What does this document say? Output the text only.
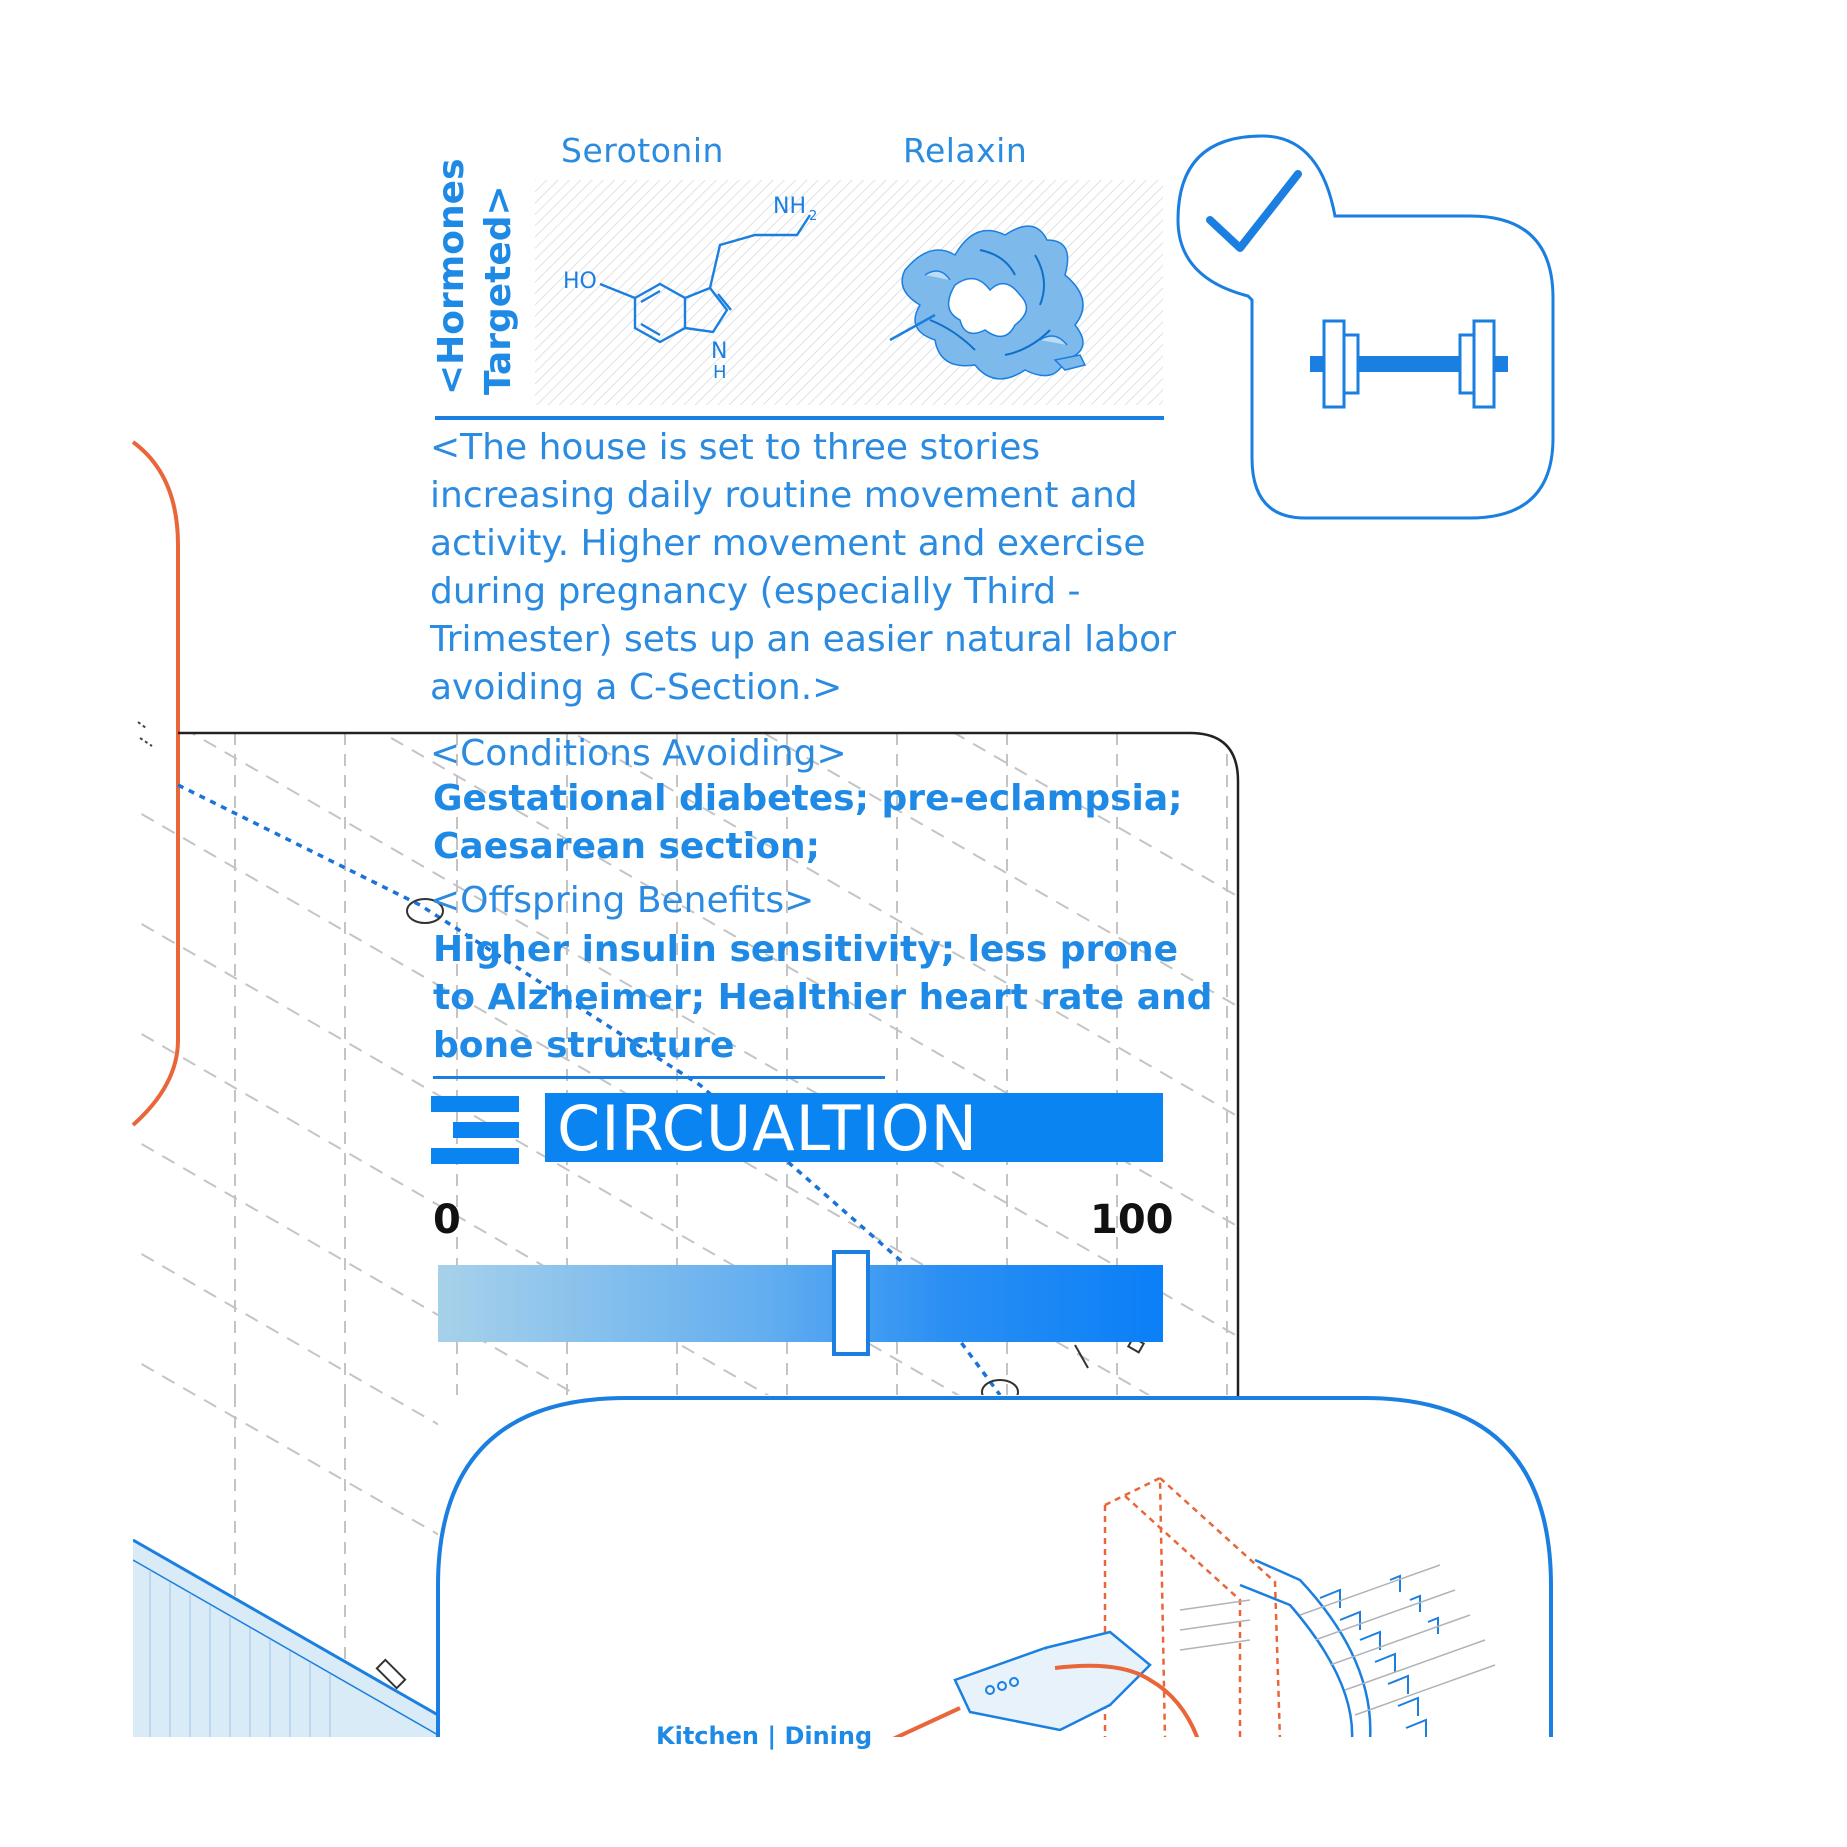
Serotonin	Relaxin
<Hormones Targeted> HO
NH 2
N
H
<The house is set to three stories increasing daily routine movement and activity. Higher movement and exercise during pregnancy (especially Third - Trimester) sets up an easier natural labor avoiding a C-Section.>
<Conditions Avoiding>
Gestational diabetes; pre-eclampsia; Caesarean section;
<Offspring Benefits>
Higher insulin sensitivity; less prone to Alzheimer; Healthier heart rate and bone structure
CIRCUALTION
0	100
Kitchen | Dining
